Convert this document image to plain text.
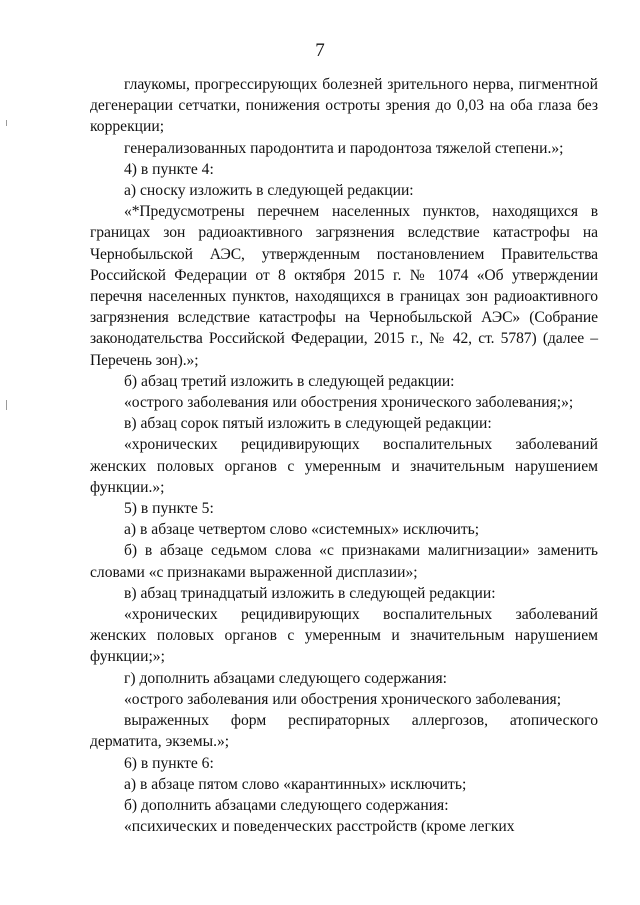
7

глаукомы, прогрессирующих болезней зрительного нерва, пигментной дегенерации сетчатки, понижения остроты зрения до 0,03 на оба глаза без коррекции;

генерализованных пародонтита и пародонтоза тяжелой степени.»;

4) в пункте 4:

а) сноску изложить в следующей редакции:

«*Предусмотрены перечнем населенных пунктов, находящихся в границах зон радиоактивного загрязнения вследствие катастрофы на Чернобыльской АЭС, утвержденным постановлением Правительства Российской Федерации от 8 октября 2015 г. № 1074 «Об утверждении перечня населенных пунктов, находящихся в границах зон радиоактивного загрязнения вследствие катастрофы на Чернобыльской АЭС» (Собрание законодательства Российской Федерации, 2015 г., № 42, ст. 5787) (далее – Перечень зон).»;

б) абзац третий изложить в следующей редакции:

«острого заболевания или обострения хронического заболевания;»;

в) абзац сорок пятый изложить в следующей редакции:

«хронических рецидивирующих воспалительных заболеваний женских половых органов с умеренным и значительным нарушением функции.»;

5) в пункте 5:

а) в абзаце четвертом слово «системных» исключить;

б) в абзаце седьмом слова «с признаками малигнизации» заменить словами «с признаками выраженной дисплазии»;

в) абзац тринадцатый изложить в следующей редакции:

«хронических рецидивирующих воспалительных заболеваний женских половых органов с умеренным и значительным нарушением функции;»;

г) дополнить абзацами следующего содержания:

«острого заболевания или обострения хронического заболевания;

выраженных форм респираторных аллергозов, атопического дерматита, экземы.»;

6) в пункте 6:

а) в абзаце пятом слово «карантинных» исключить;

б) дополнить абзацами следующего содержания:

«психических и поведенческих расстройств (кроме легких
